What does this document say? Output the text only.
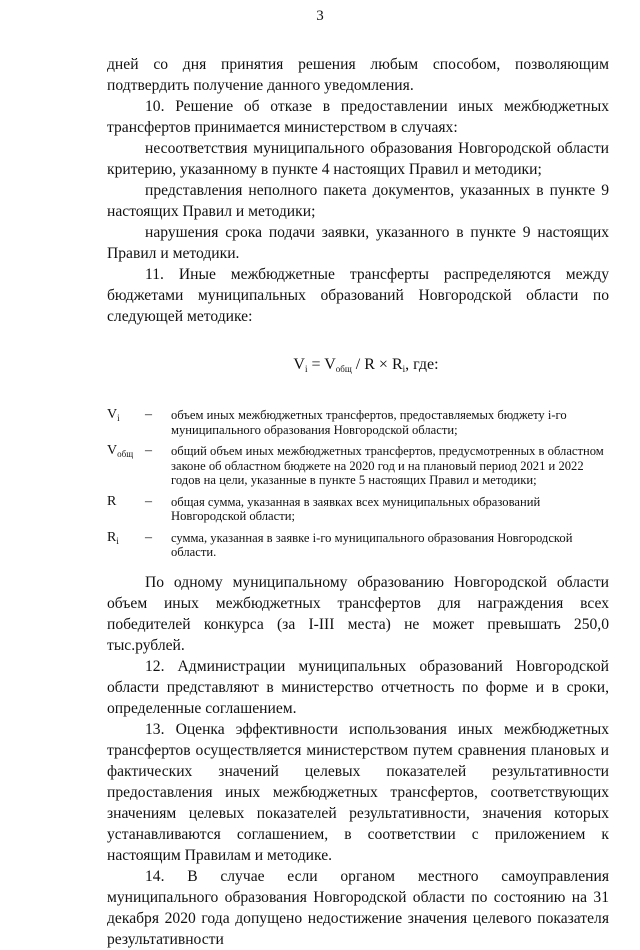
3

дней со дня принятия решения любым способом, позволяющим подтвердить получение данного уведомления.

10. Решение об отказе в предоставлении иных межбюджетных трансфертов принимается министерством в случаях:

несоответствия муниципального образования Новгородской области критерию, указанному в пункте 4 настоящих Правил и методики;

представления неполного пакета документов, указанных в пункте 9 настоящих Правил и методики;

нарушения срока подачи заявки, указанного в пункте 9 настоящих Правил и методики.

11. Иные межбюджетные трансферты распределяются между бюджетами муниципальных образований Новгородской области по следующей методике:

$V_i = V_{общ} / R \times R_i$, где:
$V_i$	–	объем иных межбюджетных трансфертов, предоставляемых бюджету i-го муниципального образования Новгородской области;
$V_{общ}$ –	общий объем иных межбюджетных трансфертов, предусмотренных в областном законе об областном бюджете на 2020 год и на плановый период 2021 и 2022 годов на цели, указанные в пункте 5 настоящих Правил и методики;
R	–	общая сумма, указанная в заявках всех муниципальных образований Новгородской области;
$R_i$	–	сумма, указанная в заявке i-го муниципального образования Новгородской области.

По одному муниципальному образованию Новгородской области объем иных межбюджетных трансфертов для награждения всех победителей конкурса (за I-III места) не может превышать 250,0 тыс.рублей.

12. Администрации муниципальных образований Новгородской области представляют в министерство отчетность по форме и в сроки, определенные соглашением.

13. Оценка эффективности использования иных межбюджетных трансфертов осуществляется министерством путем сравнения плановых и фактических значений целевых показателей результативности предоставления иных межбюджетных трансфертов, соответствующих значениям целевых показателей результативности, значения которых устанавливаются соглашением, в соответствии с приложением к настоящим Правилам и методике.

14. В случае если органом местного самоуправления муниципального образования Новгородской области по состоянию на 31 декабря 2020 года допущено недостижение значения целевого показателя результативности
